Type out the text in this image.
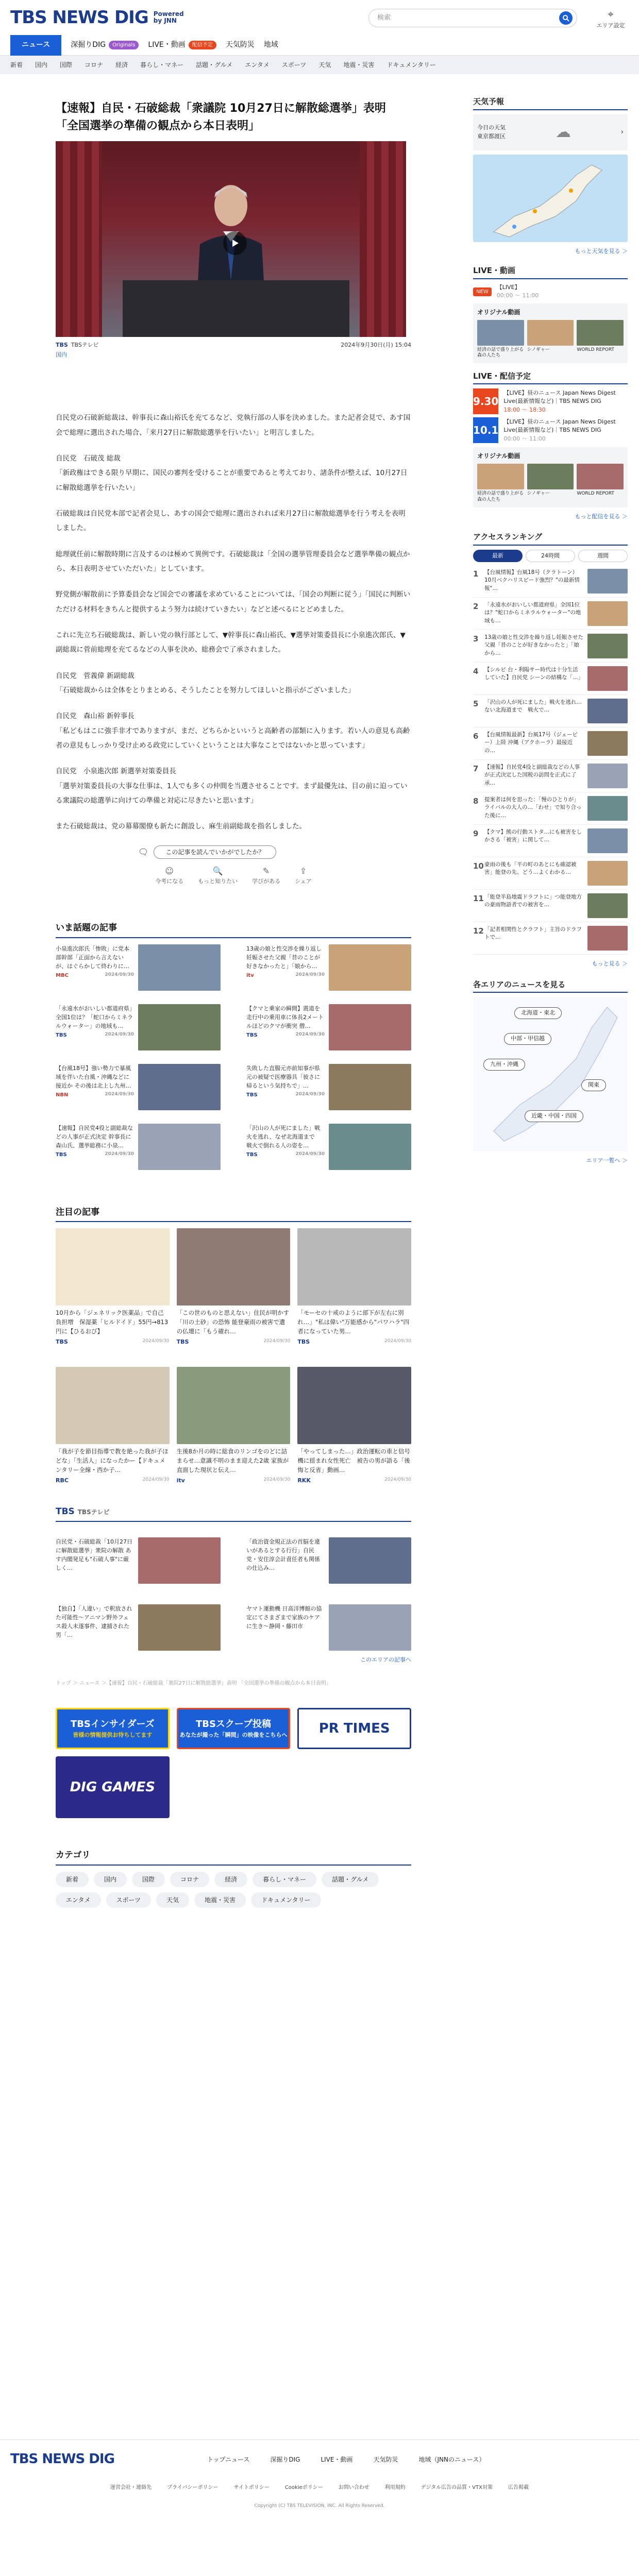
TBS NEWS DIG Powered
by JNN	検索	⌖
エリア設定
ニュース	深掘りDIG	Originals	LIVE・動画	配信予定	天気防災 地域
新着 国内 国際 コロナ 経済 暮らし・マネー 話題・グルメ エンタメ スポーツ 天気 地震・災害 ドキュメンタリー
【速報】自民・石破総裁「衆議院 10月27日に解散総選挙」表明 「全国選挙の準備の観点から本日表明」
TBS TBSテレビ	2024年9月30日(月) 15:04
国内

自民党の石破新総裁は、幹事長に森山裕氏を充てるなど、党執行部の人事を決めました。また記者会見で、あす国会で総理に選出された場合、「来月27日に解散総選挙を行いたい」と明言しました。

自民党　石破茂 総裁
「新政権はできる限り早期に、国民の審判を受けることが重要であると考えており、諸条件が整えば、10月27日に解散総選挙を行いたい」

石破総裁は自民党本部で記者会見し、あすの国会で総理に選出されれば来月27日に解散総選挙を行う考えを表明しました。

総理就任前に解散時期に言及するのは極めて異例です。石破総裁は「全国の選挙管理委員会など選挙準備の観点から、本日表明させていただいた」としています。

野党側が解散前に予算委員会など国会での審議を求めていることについては、「国会の判断に従う」「国民に判断いただける材料をきちんと提供するよう努力は続けていきたい」などと述べるにとどめました。

これに先立ち石破総裁は、新しい党の執行部として、▼幹事長に森山裕氏、▼選挙対策委員長に小泉進次郎氏、▼副総裁に菅前総理を充てるなどの人事を決め、総務会で了承されました。

自民党　菅義偉 新副総裁
「石破総裁からは全体をとりまとめる、そうしたことを努力してほしいと指示がございました」

自民党　森山裕 新幹事長
「私どもはこに強手非才でありますが、まだ、どちらかといいうと高齢者の部類に入ります。若い人の意見も高齢者の意見もしっかり受け止める政党にしていくということは大事なことではないかと思っています」

自民党　小泉進次郎 新選挙対策委員長
「選挙対策委員長の大事な仕事は、1人でも多くの仲間を当選させることです。まず最優先は、目の前に迫っている衆議院の総選挙に向けての準備と対応に尽きたいと思います」

また石破総裁は、党の幕幕閣僚も新たに創設し、麻生前副総裁を指名しました。

🗨	この記事を読んでいかがでしたか？
☺
今考になる
🔍
もっと知りたい
✎
学びがある
⇪
シェア
いま話題の記事
小泉進次郎氏「惨敗」に党本部幹部「正面から言えないが、はぐらかして終わりに…
MBC	2024/09/30
13歳の娘と性交渉を繰り返し妊娠させた父親「昔のことが好きなかったと」「娘から…
itv	2024/09/30
「永遠水がおいしい都道府県」全国1位は？「蛇口からミネラルウォーター」の地域も…
TBS	2024/09/30
【クマと乗家の瞬間】震道を走行中の乗用車に体長2メートルほどのクマが衝突 僧…
TBS	2024/09/30
【台風18号】強い勢力で暴風域を伴いた台風・沖縄などに接近か その後は北上し九州…
NBN	2024/09/30
失敗した直腸元亦前知事が県元の被疑で医療器具「彼さに帰るという気持ちで」…
TBS	2024/09/30
【速報】自民党4役と副総裁などの人事が正式決定 幹事長に森山氏、選挙総務に小泉…
TBS	2024/09/30
「沢山の人が死にました」戦火を逃れ、なぜ北海道まで　戦火で倒れる人の姿を…
TBS	2024/09/30
注目の記事
10月から「ジェネリック医薬品」で自己負担増　保湿薬「ヒルドイド」55円→813円に【ひるおび】
TBS	2024/09/30
「この世のものと思えない」住民が明かす「川の土砂」の恐怖 能登豪雨の被害で遺の仏壇に「もう確れ…
TBS	2024/09/30
「モーセの十戒のように部下が左右に別れ…」"私は偉い"万能感から"パワハラ"四者になっていた男…
TBS	2024/09/30
「我が子を節目指導で教を絶った我が子ほどな」「生活人」になったかー【ドキュメンタリー全線・西か子…
RBC	2024/09/30
生後8か月の時に総食のリンゴをのどに詰まらせ…意識不明のまま迎えた2歳 家族が直面した現状と伝え…
itv	2024/09/30
「やってしまった…」政治運転の車と信号機に揺まれ女性死亡　被告の男が語る「後悔と反省」動画…
RKK	2024/09/30
TBS TBSテレビ
自民党・石破総裁「10月27日に解散総選挙」衆院の解散 あす内閣発足も"石破人事"に厳しく…
「政治資金規正法の首脳を違いがあるとする行行」自民党・安住淳会計責任者も関係の仕込み…
【独自】「人違い」で釈放された可能性～アニマン野外フェス殺人未遂事件、逮捕された男「…
ヤマト運動機 日高洋博館の協定にてさまざまで家族のケアに生き～静岡・藤田市
このエリアの記事へ
トップ ＞ ニュース ＞【速報】自民・石破総裁「衆院27日に解散総選挙」表明 「全国選挙の準備の観点から本日表明」
TBSインサイダーズ
皆様の情報提供お待ちしてます
TBSスクープ投稿
あなたが撮った「瞬間」の映像をこちらへ	PR TIMES
DIG GAMES
カテゴリ
新着	国内	国際	コロナ	経済	暮らし・マネー	話題・グルメ
エンタメ	スポーツ	天気	地震・災害	ドキュメンタリー
天気予報
今日の天気
東京都渡区	☁	›
もっと天気を見る ＞
LIVE・動画
NEW
【LIVE】
00:00 ～ 11:00
オリジナル動画
経済の話で盛り上がる森の人たち
シノギャー	WORLD REPORT
LIVE・配信予定
9.30
【LIVE】昼のニュース Japan News Digest Live(最新情報など)｜TBS NEWS DIG
18:00 ～ 18:30
10.1
【LIVE】昼のニュース Japan News Digest Live(最新情報など)｜TBS NEWS DIG
00:00 ～ 11:00
オリジナル動画
経済の話で盛り上がる森の人たち
シノギャー	WORLD REPORT
もっと配信を見る ＞
アクセスランキング
最新	24時間	週間
1	【台風情報】台風18号（クラトーン）10月ベクハリスピード強烈？"の最新情報"…
2	「永遠水がおいしい都道府県」全国1位は？"蛇口からミネラルウォーター"の地域も…
3	13歳の娘と性交渉を繰り返し妊娠させた父親「昔のことが好きなかったと」「娘から…
4	【シルビ 台・利陽サー時代は十分生活していた】自民党 シーンの結構な「…」
5	「沢山の人が死にました」戦火を逃れ…ない北海道まで　戦火で…
6	【台風情報最新】台風17号（ジェービー）上陸 沖縄（アクホーラ）最接近の…
7	【速報】自民党4役と副総裁などの人事が正式決定した国税の訪問を正式に了承…
8	提案者は何を思った：「慢のひとりが」ライバルの大人の…「わせ」で知り合った後に…
9	【クマ】熊の行動ストタ…にも被害をしかさる「被害」に関して…
10 豪雨の後も「平の町のあとにも確認被害」能登の先、どう…よくわかる…
11 「能登半島地震ドラフトに」つ能登地方の豪雨物語者での被害を…
12 「記者相関性とクラフト」主旨のドラフトで…
もっと見る ＞
各エリアのニュースを見る
北海道・東北
中部・甲信越
九州・沖縄
関東
近畿・中国・四国
エリア一覧へ ＞
TBS NEWS DIG	トップニュース	深掘りDIG	LIVE・動画	天気防災	地域（JNNのニュース）
運営会社・連絡先	プライバシーポリシー	サイトポリシー	Cookieポリシー	お問い合わせ	利用規約	デジタル広告の品質・VTX対策	広告掲載
Copyright (C) TBS TELEVISION, INC. All Rights Reserved.
